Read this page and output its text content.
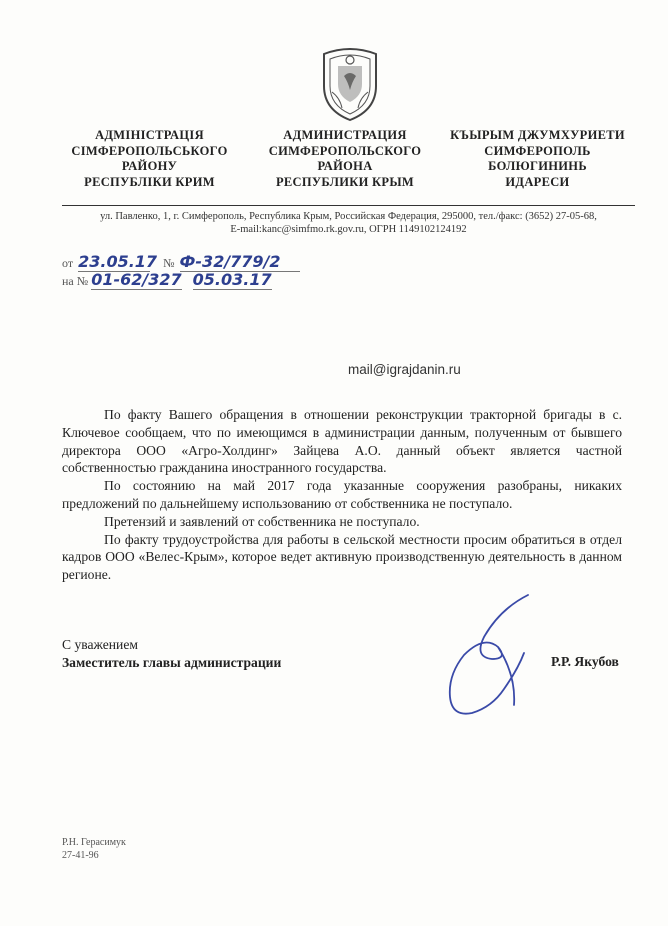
АДМІНІСТРАЦІЯ
СІМФЕРОПОЛЬСЬКОГО
РАЙОНУ
РЕСПУБЛІКИ КРИМ
АДМИНИСТРАЦИЯ
СИМФЕРОПОЛЬСКОГО
РАЙОНА
РЕСПУБЛИКИ КРЫМ
КЪЫРЫМ ДЖУМХУРИЕТИ
СИМФЕРОПОЛЬ
БОЛЮГИНИНЬ
ИДАРЕСИ
ул. Павленко, 1, г. Симферополь, Республика Крым, Российская Федерация, 295000, тел./факс: (3652) 27-05-68,
E-mail:kanc@simfmo.rk.gov.ru, ОГРН 1149102124192
от 23.05.17 № Ф-32/779/2
на № 01-62/327 05.03.17
mail@igrajdanin.ru

По факту Вашего обращения в отношении реконструкции тракторной бригады в с. Ключевое сообщаем, что по имеющимся в администрации данным, полученным от бывшего директора ООО «Агро-Холдинг» Зайцева А.О. данный объект является частной собственностью гражданина иностранного государства.

По состоянию на май 2017 года указанные сооружения разобраны, никаких предложений по дальнейшему использованию от собственника не поступало.

Претензий и заявлений от собственника не поступало.

По факту трудоустройства для работы в сельской местности просим обратиться в отдел кадров ООО «Велес-Крым», которое ведет активную производственную деятельность в данном регионе.

С уважением
Заместитель главы администрации	Р.Р. Якубов
Р.Н. Герасимук
27-41-96
